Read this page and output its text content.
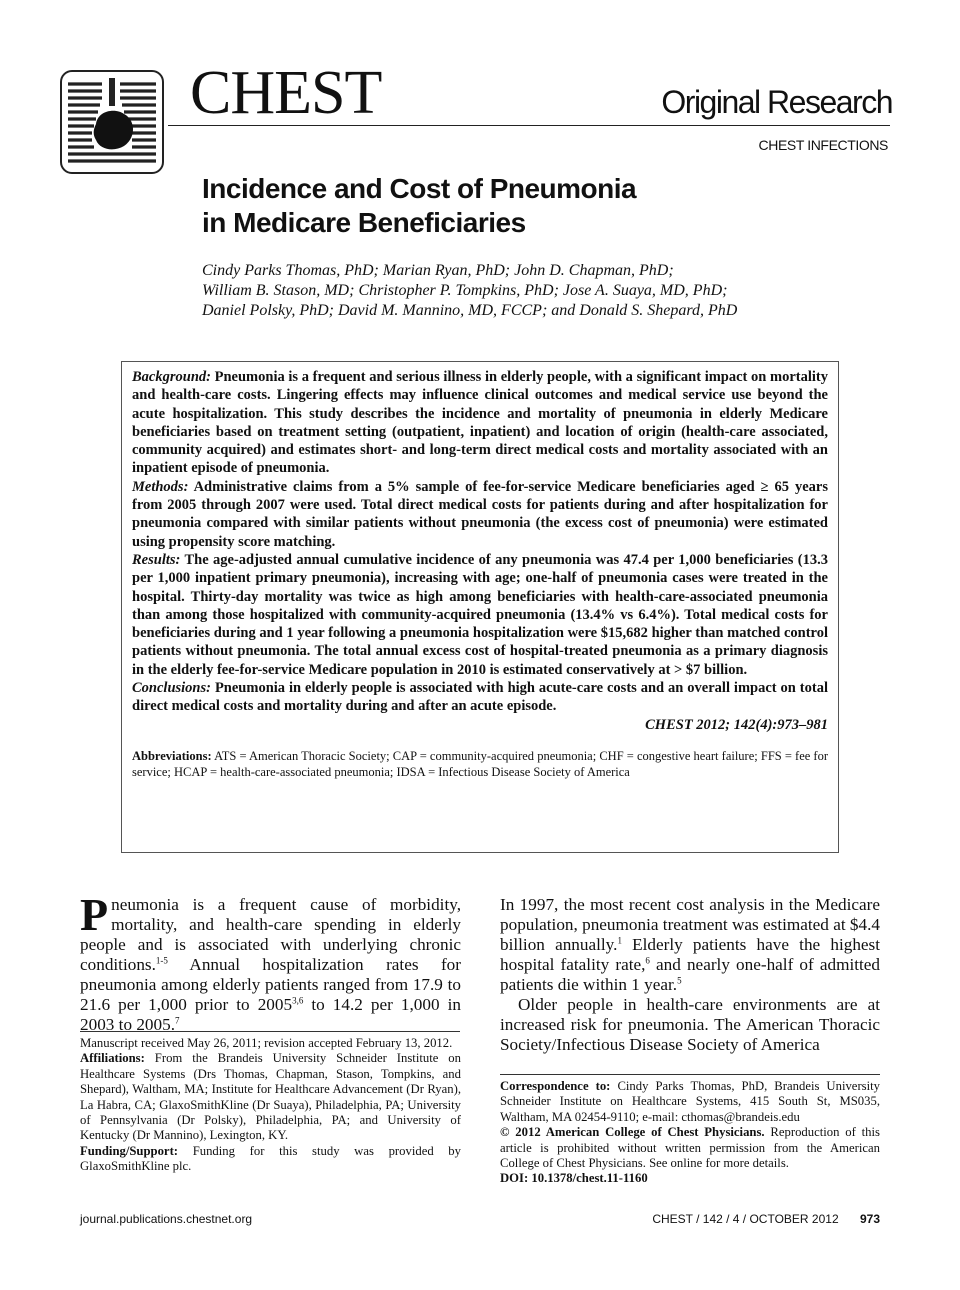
CHEST	Original Research
CHEST INFECTIONS
Incidence and Cost of Pneumonia
in Medicare Beneficiaries
Cindy Parks Thomas, PhD; Marian Ryan, PhD; John D. Chapman, PhD;
William B. Stason, MD; Christopher P. Tompkins, PhD; Jose A. Suaya, MD, PhD;
Daniel Polsky, PhD; David M. Mannino, MD, FCCP; and Donald S. Shepard, PhD

Background: Pneumonia is a frequent and serious illness in elderly people, with a significant impact on mortality and health-care costs. Lingering effects may influence clinical outcomes and medical service use beyond the acute hospitalization. This study describes the incidence and mortality of pneumonia in elderly Medicare beneficiaries based on treatment setting (outpatient, inpatient) and location of origin (health-care associated, community acquired) and estimates short- and long-term direct medical costs and mortality associated with an inpatient episode of pneumonia.

Methods: Administrative claims from a 5% sample of fee-for-service Medicare beneficiaries aged ≥ 65 years from 2005 through 2007 were used. Total direct medical costs for patients during and after hospitalization for pneumonia compared with similar patients without pneumonia (the excess cost of pneumonia) were estimated using propensity score matching.

Results: The age-adjusted annual cumulative incidence of any pneumonia was 47.4 per 1,000 beneficiaries (13.3 per 1,000 inpatient primary pneumonia), increasing with age; one-half of pneumonia cases were treated in the hospital. Thirty-day mortality was twice as high among beneficiaries with health-care-associated pneumonia than among those hospitalized with community-acquired pneumonia (13.4% vs 6.4%). Total medical costs for beneficiaries during and 1 year following a pneumonia hospitalization were $15,682 higher than matched control patients without pneumonia. The total annual excess cost of hospital-treated pneumonia as a primary diagnosis in the elderly fee-for-service Medicare population in 2010 is estimated conservatively at > $7 billion.

Conclusions: Pneumonia in elderly people is associated with high acute-care costs and an overall impact on total direct medical costs and mortality during and after an acute episode.

CHEST 2012; 142(4):973–981

Abbreviations: ATS = American Thoracic Society; CAP = community-acquired pneumonia; CHF = congestive heart failure; FFS = fee for service; HCAP = health-care-associated pneumonia; IDSA = Infectious Disease Society of America
Pneumonia is a frequent cause of morbidity, mortality, and health-care spending in elderly people and is associated with underlying chronic conditions.$^{1-5}$ Annual hospitalization rates for pneumonia among elderly patients ranged from 17.9 to 21.6 per 1,000 prior to 2005$^{3,6}$ to 14.2 per 1,000 in 2003 to 2005.$^7$
Manuscript received May 26, 2011; revision accepted February 13, 2012.
Affiliations: From the Brandeis University Schneider Institute on Healthcare Systems (Drs Thomas, Chapman, Stason, Tompkins, and Shepard), Waltham, MA; Institute for Healthcare Advancement (Dr Ryan), La Habra, CA; GlaxoSmithKline (Dr Suaya), Philadelphia, PA; University of Pennsylvania (Dr Polsky), Philadelphia, PA; and University of Kentucky (Dr Mannino), Lexington, KY.
Funding/Support: Funding for this study was provided by GlaxoSmithKline plc.
In 1997, the most recent cost analysis in the Medicare population, pneumonia treatment was estimated at $4.4 billion annually.$^1$ Elderly patients have the highest hospital fatality rate,$^6$ and nearly one-half of admitted patients die within 1 year.$^5$
Older people in health-care environments are at increased risk for pneumonia. The American Thoracic Society/Infectious Disease Society of America
Correspondence to: Cindy Parks Thomas, PhD, Brandeis University Schneider Institute on Healthcare Systems, 415 South St, MS035, Waltham, MA 02454-9110; e-mail: cthomas@brandeis.edu
© 2012 American College of Chest Physicians. Reproduction of this article is prohibited without written permission from the American College of Chest Physicians. See online for more details.
DOI: 10.1378/chest.11-1160
journal.publications.chestnet.org	CHEST / 142 / 4 / OCTOBER 2012 973
